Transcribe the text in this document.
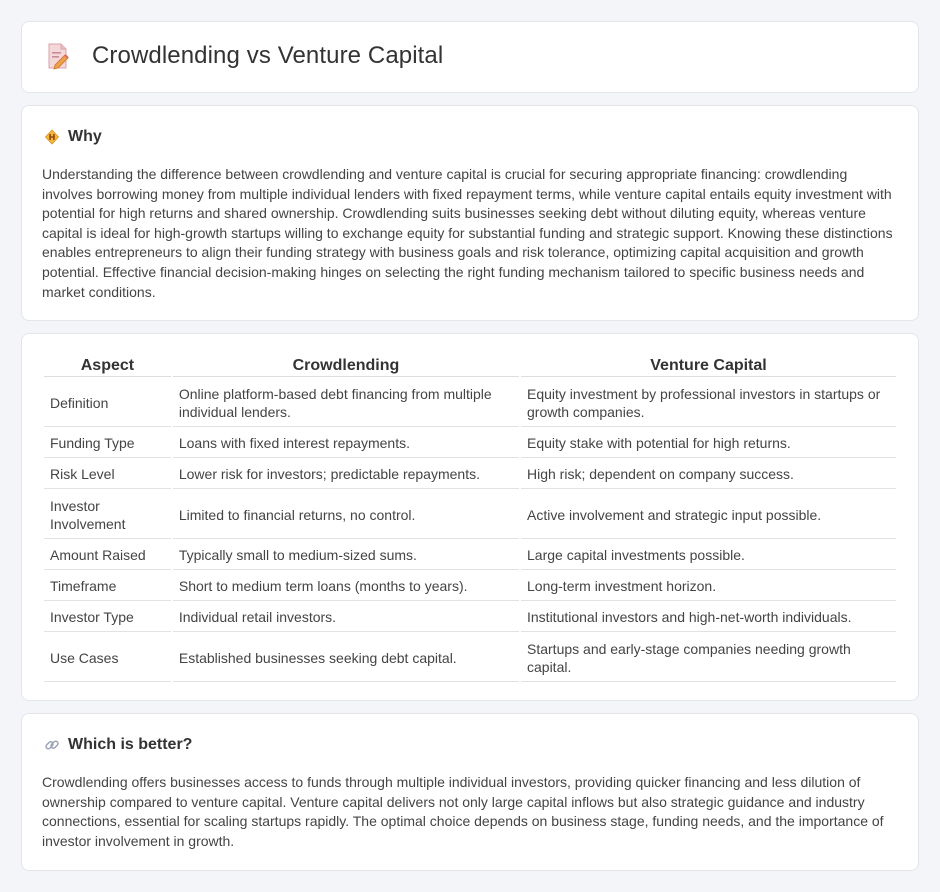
Crowdlending vs Venture Capital
Why

Understanding the difference between crowdlending and venture capital is crucial for securing appropriate financing: crowdlending involves borrowing money from multiple individual lenders with fixed repayment terms, while venture capital entails equity investment with potential for high returns and shared ownership. Crowdlending suits businesses seeking debt without diluting equity, whereas venture capital is ideal for high-growth startups willing to exchange equity for substantial funding and strategic support. Knowing these distinctions enables entrepreneurs to align their funding strategy with business goals and risk tolerance, optimizing capital acquisition and growth potential. Effective financial decision-making hinges on selecting the right funding mechanism tailored to specific business needs and market conditions.

Aspect	Crowdlending	Venture Capital
Definition	Online platform-based debt financing from multiple individual lenders.	Equity investment by professional investors in startups or growth companies.
Funding Type	Loans with fixed interest repayments.	Equity stake with potential for high returns.
Risk Level	Lower risk for investors; predictable repayments.	High risk; dependent on company success.
Investor Involvement	Limited to financial returns, no control.	Active involvement and strategic input possible.
Amount Raised	Typically small to medium-sized sums.	Large capital investments possible.
Timeframe	Short to medium term loans (months to years).	Long-term investment horizon.
Investor Type	Individual retail investors.	Institutional investors and high-net-worth individuals.
Use Cases	Established businesses seeking debt capital.	Startups and early-stage companies needing growth capital.
Which is better?

Crowdlending offers businesses access to funds through multiple individual investors, providing quicker financing and less dilution of ownership compared to venture capital. Venture capital delivers not only large capital inflows but also strategic guidance and industry connections, essential for scaling startups rapidly. The optimal choice depends on business stage, funding needs, and the importance of investor involvement in growth.
